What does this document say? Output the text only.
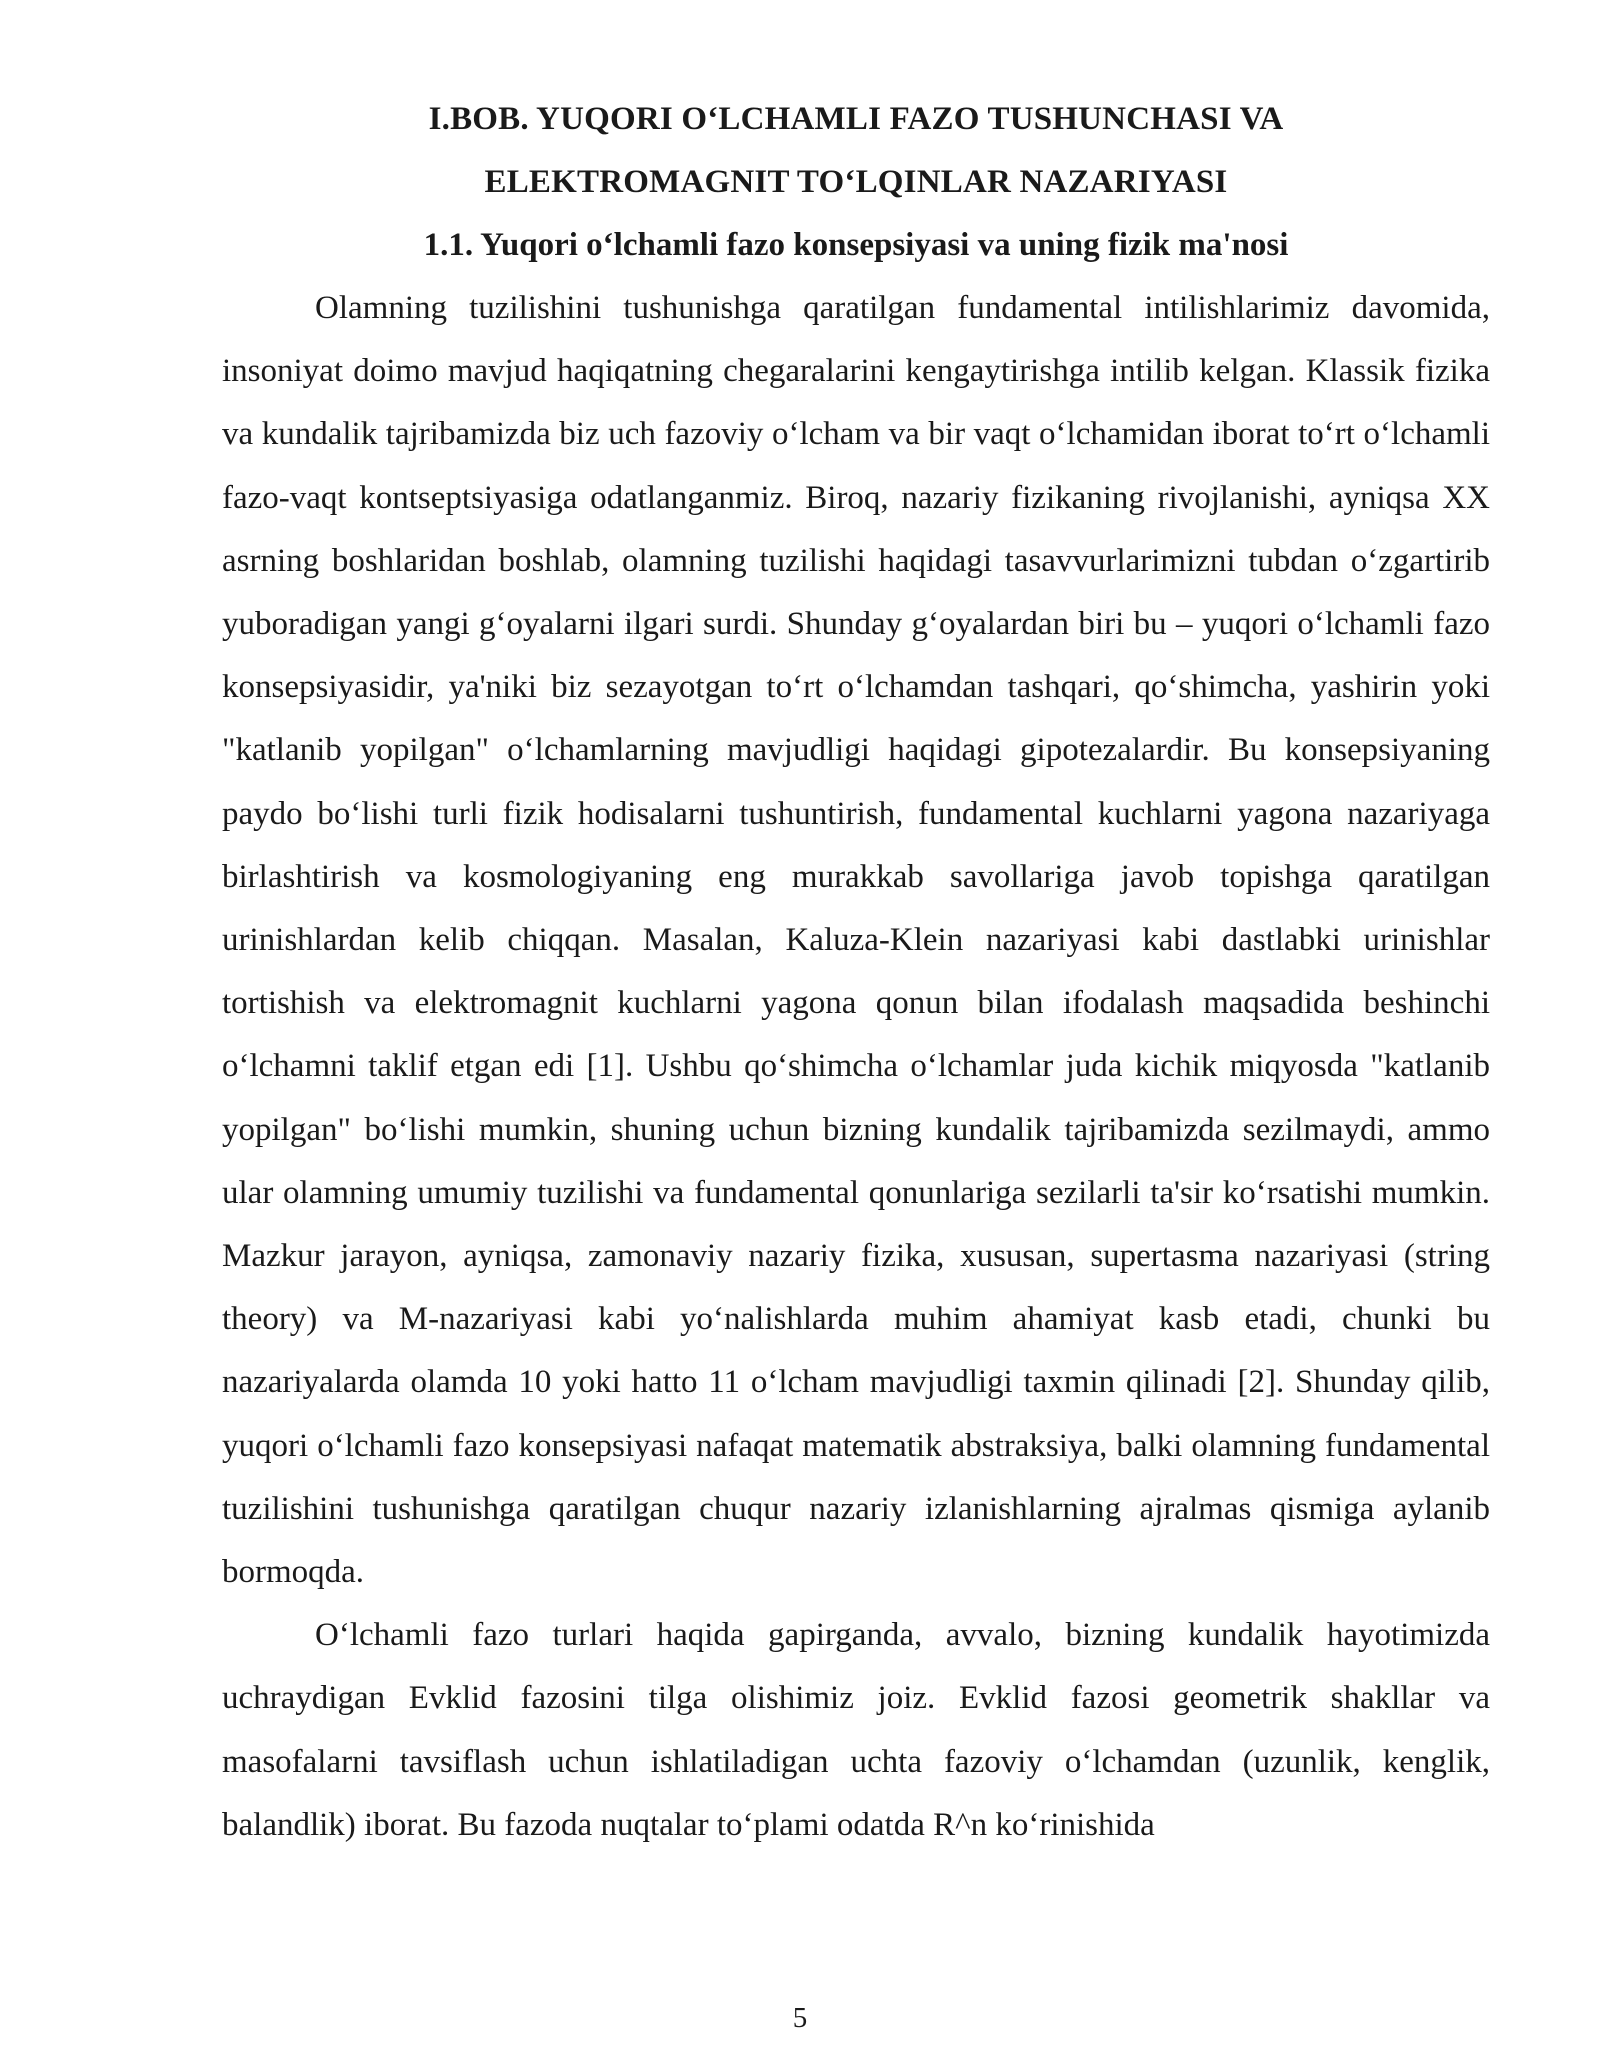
I.BOB. YUQORI O‘LCHAMLI FAZO TUSHUNCHASI VA
ELEKTROMAGNIT TO‘LQINLAR NAZARIYASI
1.1. Yuqori o‘lchamli fazo konsepsiyasi va uning fizik ma'nosi

Olamning tuzilishini tushunishga qaratilgan fundamental intilishlarimiz davomida, insoniyat doimo mavjud haqiqatning chegaralarini kengaytirishga intilib kelgan. Klassik fizika va kundalik tajribamizda biz uch fazoviy o‘lcham va bir vaqt o‘lchamidan iborat to‘rt o‘lchamli fazo-vaqt kontseptsiyasiga odatlanganmiz. Biroq, nazariy fizikaning rivojlanishi, ayniqsa XX asrning boshlaridan boshlab, olamning tuzilishi haqidagi tasavvurlarimizni tubdan o‘zgartirib yuboradigan yangi g‘oyalarni ilgari surdi. Shunday g‘oyalardan biri bu – yuqori o‘lchamli fazo konsepsiyasidir, ya'niki biz sezayotgan to‘rt o‘lchamdan tashqari, qo‘shimcha, yashirin yoki "katlanib yopilgan" o‘lchamlarning mavjudligi haqidagi gipotezalardir. Bu konsepsiyaning paydo bo‘lishi turli fizik hodisalarni tushuntirish, fundamental kuchlarni yagona nazariyaga birlashtirish va kosmologiyaning eng murakkab savollariga javob topishga qaratilgan urinishlardan kelib chiqqan. Masalan, Kaluza-Klein nazariyasi kabi dastlabki urinishlar tortishish va elektromagnit kuchlarni yagona qonun bilan ifodalash maqsadida beshinchi o‘lchamni taklif etgan edi [1]. Ushbu qo‘shimcha o‘lchamlar juda kichik miqyosda "katlanib yopilgan" bo‘lishi mumkin, shuning uchun bizning kundalik tajribamizda sezilmaydi, ammo ular olamning umumiy tuzilishi va fundamental qonunlariga sezilarli ta'sir ko‘rsatishi mumkin. Mazkur jarayon, ayniqsa, zamonaviy nazariy fizika, xususan, supertasma nazariyasi (string theory) va M-nazariyasi kabi yo‘nalishlarda muhim ahamiyat kasb etadi, chunki bu nazariyalarda olamda 10 yoki hatto 11 o‘lcham mavjudligi taxmin qilinadi [2]. Shunday qilib, yuqori o‘lchamli fazo konsepsiyasi nafaqat matematik abstraksiya, balki olamning fundamental tuzilishini tushunishga qaratilgan chuqur nazariy izlanishlarning ajralmas qismiga aylanib bormoqda.

O‘lchamli fazo turlari haqida gapirganda, avvalo, bizning kundalik hayotimizda uchraydigan Evklid fazosini tilga olishimiz joiz. Evklid fazosi geometrik shakllar va masofalarni tavsiflash uchun ishlatiladigan uchta fazoviy o‘lchamdan (uzunlik, kenglik, balandlik) iborat. Bu fazoda nuqtalar to‘plami odatda R^n ko‘rinishida

5
